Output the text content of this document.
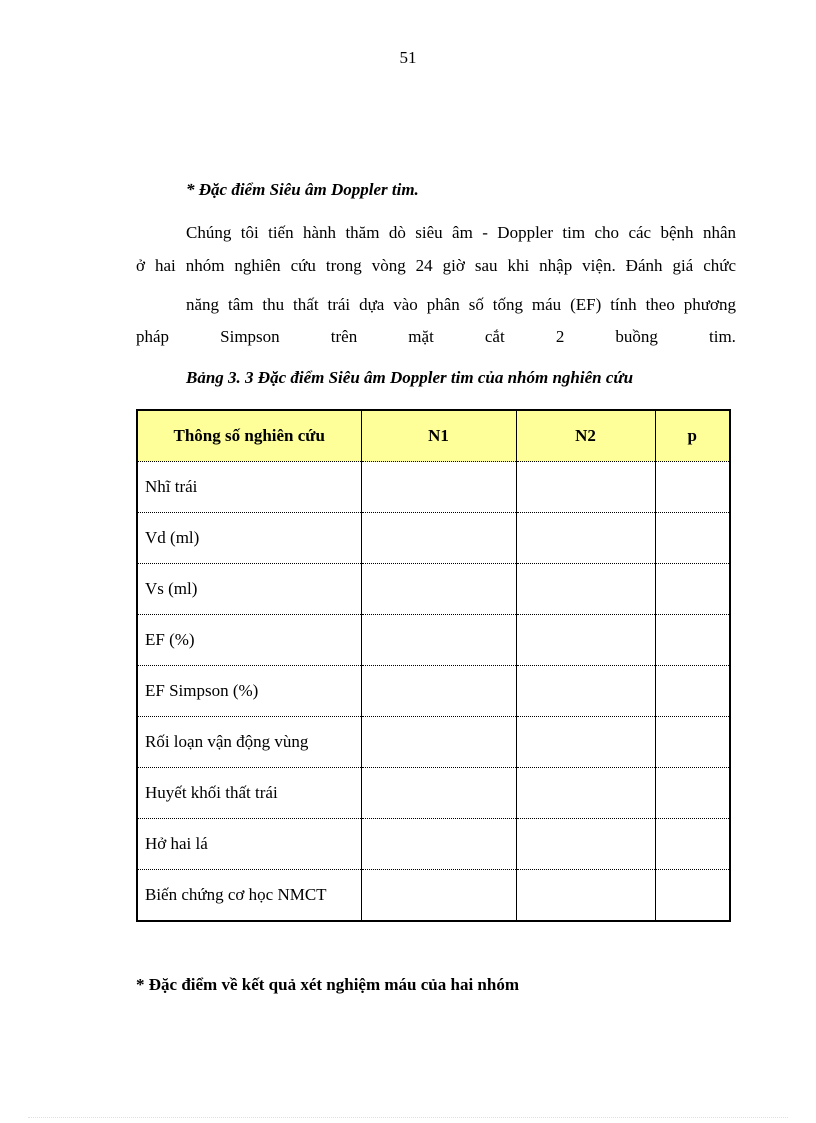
51
* Đặc điểm Siêu âm Doppler tim.
Chúng tôi tiến hành thăm dò siêu âm - Doppler tim cho các bệnh nhân
ở hai nhóm nghiên cứu trong vòng 24 giờ sau khi nhập viện. Đánh giá chức
năng tâm thu thất trái dựa vào phân số tống máu (EF) tính theo phương
pháp	Simpson	trên	mặt	cắt	2	buồng	tim.
Bảng 3. 3 Đặc điểm Siêu âm Doppler tim của nhóm nghiên cứu
Thông số nghiên cứu	N1	N2	p
Nhĩ trái			
Vd (ml)			
Vs (ml)			
EF (%)			
EF Simpson (%)			
Rối loạn vận động vùng			
Huyết khối thất trái			
Hở hai lá			
Biến chứng cơ học NMCT			
* Đặc điểm về kết quả xét nghiệm máu của hai nhóm
